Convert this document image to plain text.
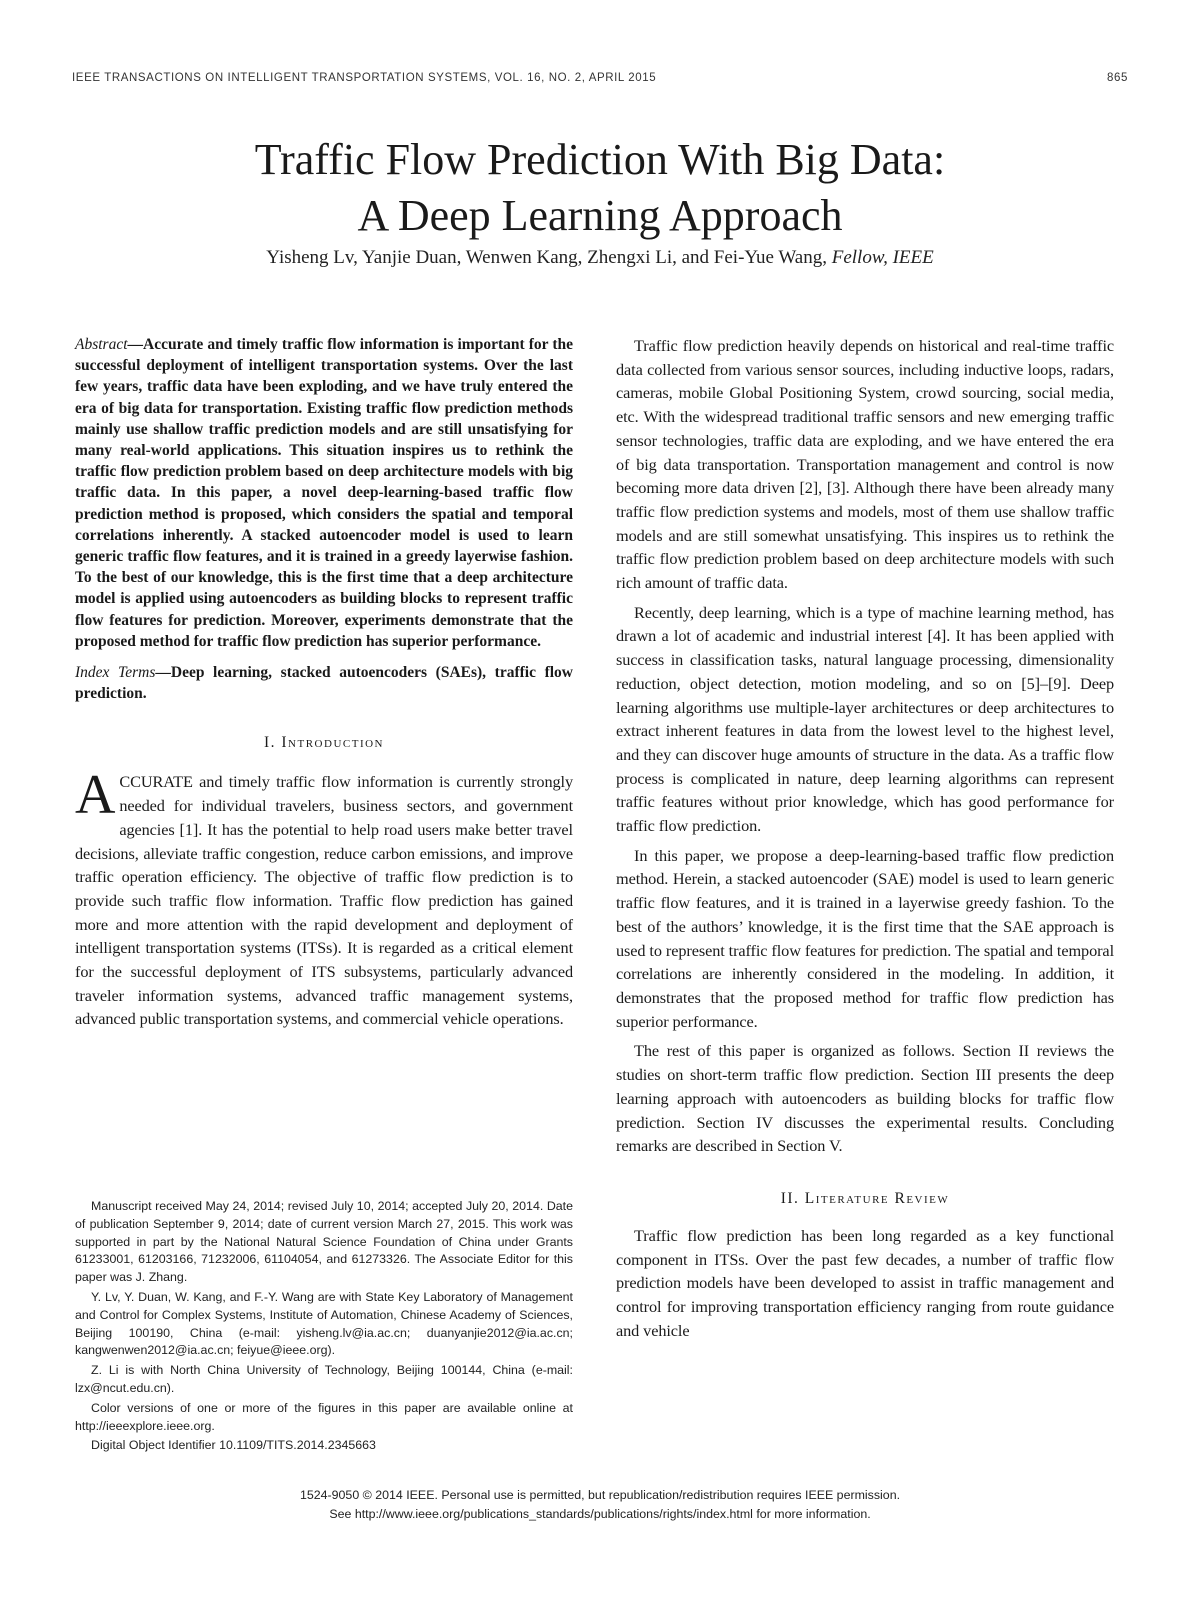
IEEE TRANSACTIONS ON INTELLIGENT TRANSPORTATION SYSTEMS, VOL. 16, NO. 2, APRIL 2015	865
Traffic Flow Prediction With Big Data:
A Deep Learning Approach
Yisheng Lv, Yanjie Duan, Wenwen Kang, Zhengxi Li, and Fei-Yue Wang, Fellow, IEEE
Abstract—Accurate and timely traffic flow information is important for the successful deployment of intelligent transportation systems. Over the last few years, traffic data have been exploding, and we have truly entered the era of big data for transportation. Existing traffic flow prediction methods mainly use shallow traffic prediction models and are still unsatisfying for many real-world applications. This situation inspires us to rethink the traffic flow prediction problem based on deep architecture models with big traffic data. In this paper, a novel deep-learning-based traffic flow prediction method is proposed, which considers the spatial and temporal correlations inherently. A stacked autoencoder model is used to learn generic traffic flow features, and it is trained in a greedy layerwise fashion. To the best of our knowledge, this is the first time that a deep architecture model is applied using autoencoders as building blocks to represent traffic flow features for prediction. Moreover, experiments demonstrate that the proposed method for traffic flow prediction has superior performance.
Index Terms—Deep learning, stacked autoencoders (SAEs), traffic flow prediction.
I. Introduction

ACCURATE and timely traffic flow information is currently strongly needed for individual travelers, business sectors, and government agencies [1]. It has the potential to help road users make better travel decisions, alleviate traffic congestion, reduce carbon emissions, and improve traffic operation efficiency. The objective of traffic flow prediction is to provide such traffic flow information. Traffic flow prediction has gained more and more attention with the rapid development and deployment of intelligent transportation systems (ITSs). It is regarded as a critical element for the successful deployment of ITS subsystems, particularly advanced traveler information systems, advanced traffic management systems, advanced public transportation systems, and commercial vehicle operations.

Manuscript received May 24, 2014; revised July 10, 2014; accepted July 20, 2014. Date of publication September 9, 2014; date of current version March 27, 2015. This work was supported in part by the National Natural Science Foundation of China under Grants 61233001, 61203166, 71232006, 61104054, and 61273326. The Associate Editor for this paper was J. Zhang.

Y. Lv, Y. Duan, W. Kang, and F.-Y. Wang are with State Key Laboratory of Management and Control for Complex Systems, Institute of Automation, Chinese Academy of Sciences, Beijing 100190, China (e-mail: yisheng.lv@ia.ac.cn; duanyanjie2012@ia.ac.cn; kangwenwen2012@ia.ac.cn; feiyue@ieee.org).

Z. Li is with North China University of Technology, Beijing 100144, China (e-mail: lzx@ncut.edu.cn).

Color versions of one or more of the figures in this paper are available online at http://ieeexplore.ieee.org.

Digital Object Identifier 10.1109/TITS.2014.2345663

Traffic flow prediction heavily depends on historical and real-time traffic data collected from various sensor sources, including inductive loops, radars, cameras, mobile Global Positioning System, crowd sourcing, social media, etc. With the widespread traditional traffic sensors and new emerging traffic sensor technologies, traffic data are exploding, and we have entered the era of big data transportation. Transportation management and control is now becoming more data driven [2], [3]. Although there have been already many traffic flow prediction systems and models, most of them use shallow traffic models and are still somewhat unsatisfying. This inspires us to rethink the traffic flow prediction problem based on deep architecture models with such rich amount of traffic data.

Recently, deep learning, which is a type of machine learning method, has drawn a lot of academic and industrial interest [4]. It has been applied with success in classification tasks, natural language processing, dimensionality reduction, object detection, motion modeling, and so on [5]–[9]. Deep learning algorithms use multiple-layer architectures or deep architectures to extract inherent features in data from the lowest level to the highest level, and they can discover huge amounts of structure in the data. As a traffic flow process is complicated in nature, deep learning algorithms can represent traffic features without prior knowledge, which has good performance for traffic flow prediction.

In this paper, we propose a deep-learning-based traffic flow prediction method. Herein, a stacked autoencoder (SAE) model is used to learn generic traffic flow features, and it is trained in a layerwise greedy fashion. To the best of the authors’ knowledge, it is the first time that the SAE approach is used to represent traffic flow features for prediction. The spatial and temporal correlations are inherently considered in the modeling. In addition, it demonstrates that the proposed method for traffic flow prediction has superior performance.

The rest of this paper is organized as follows. Section II reviews the studies on short-term traffic flow prediction. Section III presents the deep learning approach with autoencoders as building blocks for traffic flow prediction. Section IV discusses the experimental results. Concluding remarks are described in Section V.

II. Literature Review

Traffic flow prediction has been long regarded as a key functional component in ITSs. Over the past few decades, a number of traffic flow prediction models have been developed to assist in traffic management and control for improving transportation efficiency ranging from route guidance and vehicle

1524-9050 © 2014 IEEE. Personal use is permitted, but republication/redistribution requires IEEE permission.
See http://www.ieee.org/publications_standards/publications/rights/index.html for more information.
